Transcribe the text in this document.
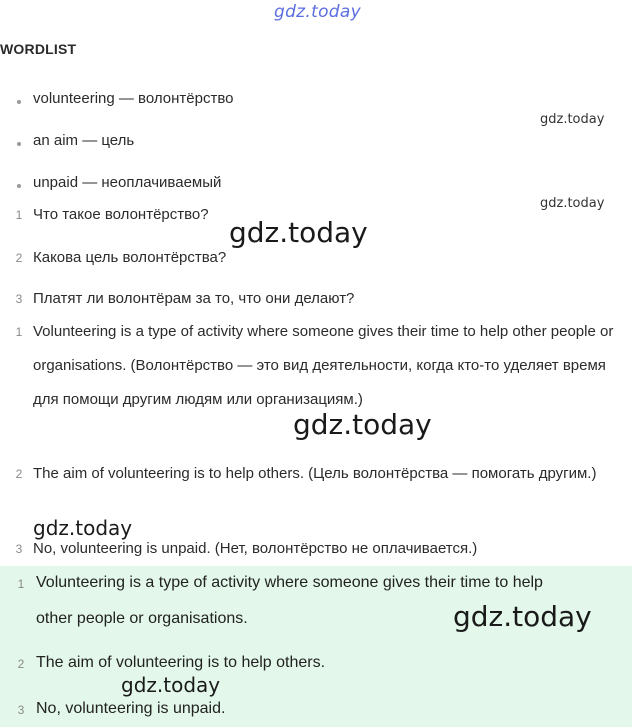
gdz.today
gdz.today
gdz.today
gdz.today
gdz.today
gdz.today
gdz.today
gdz.today
WORDLIST
volunteering — волонтёрство
an aim — цель
unpaid — неоплачиваемый
1 Что такое волонтёрство?
2 Какова цель волонтёрства?
3 Платят ли волонтёрам за то, что они делают?
1 Volunteering is a type of activity where someone gives their time to help other people or organisations. (Волонтёрство — это вид деятельности, когда кто-то уделяет время для помощи другим людям или организациям.)
2 The aim of volunteering is to help others. (Цель волонтёрства — помогать другим.)
3 No, volunteering is unpaid. (Нет, волонтёрство не оплачивается.)
1 Volunteering is a type of activity where someone gives their time to help
other people or organisations.
2 The aim of volunteering is to help others.
3 No, volunteering is unpaid.
